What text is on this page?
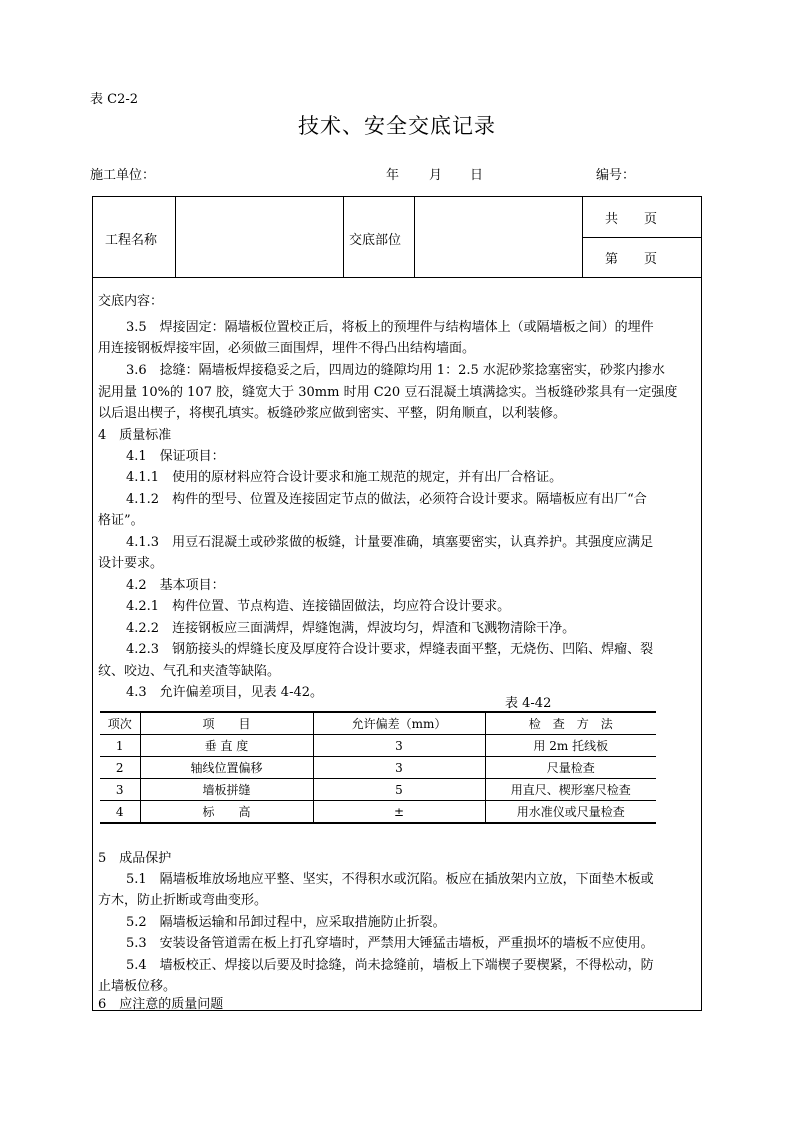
表 C2-2
技术、安全交底记录
施工单位：	年 月 日	编号：
工程名称	交底部位
共　　页
第　　页
交底内容：
3.5　焊接固定：隔墙板位置校正后，将板上的预埋件与结构墙体上（或隔墙板之间）的埋件
用连接钢板焊接牢固，必须做三面围焊，埋件不得凸出结构墙面。
3.6　捻缝：隔墙板焊接稳妥之后，四周边的缝隙均用 1：2.5 水泥砂浆捻塞密实，砂浆内掺水
泥用量 10%的 107 胶，缝宽大于 30mm 时用 C20 豆石混凝土填满捻实。当板缝砂浆具有一定强度
以后退出楔子，将楔孔填实。板缝砂浆应做到密实、平整，阴角顺直，以利装修。
4　质量标准
4.1　保证项目：
4.1.1　使用的原材料应符合设计要求和施工规范的规定，并有出厂合格证。
4.1.2　构件的型号、位置及连接固定节点的做法，必须符合设计要求。隔墙板应有出厂“合
格证”。
4.1.3　用豆石混凝土或砂浆做的板缝，计量要准确，填塞要密实，认真养护。其强度应满足
设计要求。
4.2　基本项目：
4.2.1　构件位置、节点构造、连接锚固做法，均应符合设计要求。
4.2.2　连接钢板应三面满焊，焊缝饱满，焊波均匀，焊渣和飞溅物清除干净。
4.2.3　钢筋接头的焊缝长度及厚度符合设计要求，焊缝表面平整，无烧伤、凹陷、焊瘤、裂
纹、咬边、气孔和夹渣等缺陷。
4.3　允许偏差项目，见表 4-42。
表 4-42
项次	项　　目	允许偏差（mm）	检　查　方　法
1	垂 直 度	3	用 2m 托线板
2	轴线位置偏移	3	尺量检查
3	墙板拼缝	5	用直尺、楔形塞尺检查
4	标　　高	±	用水准仪或尺量检查
5　成品保护
5.1　隔墙板堆放场地应平整、坚实，不得积水或沉陷。板应在插放架内立放，下面垫木板或
方木，防止折断或弯曲变形。
5.2　隔墙板运输和吊卸过程中，应采取措施防止折裂。
5.3　安装设备管道需在板上打孔穿墙时，严禁用大锤猛击墙板，严重损坏的墙板不应使用。
5.4　墙板校正、焊接以后要及时捻缝，尚未捻缝前，墙板上下端楔子要楔紧，不得松动，防
止墙板位移。
6　应注意的质量问题
